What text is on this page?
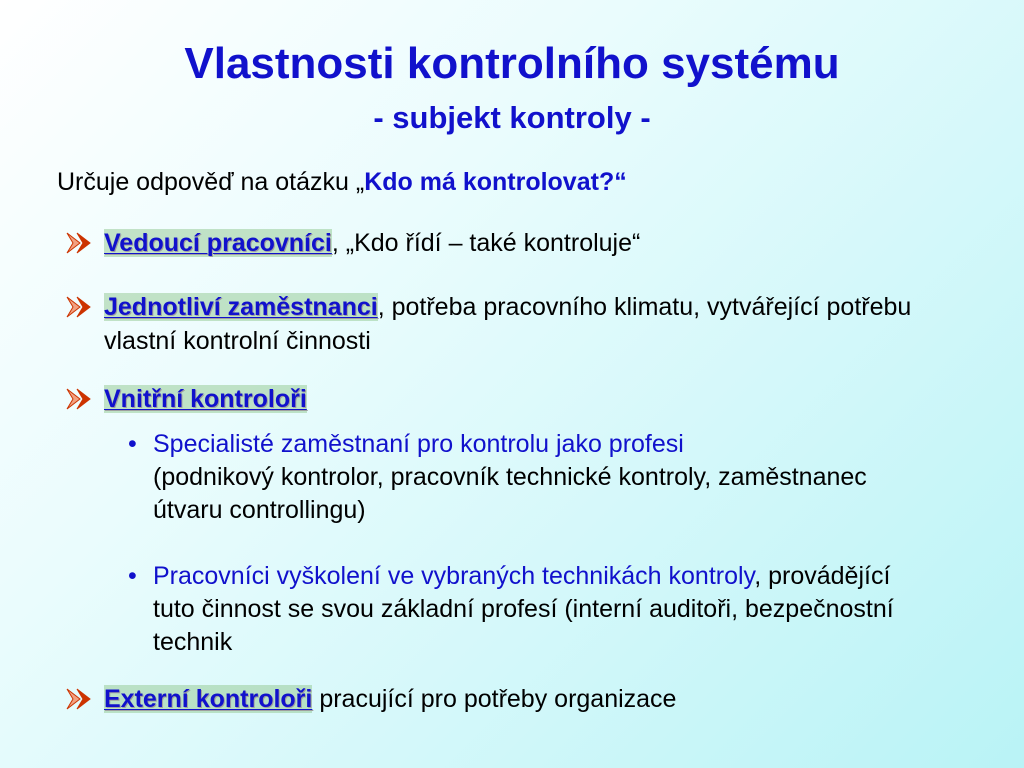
Vlastnosti kontrolního systému
- subjekt kontroly -
Určuje odpověď na otázku „Kdo má kontrolovat?“
Vedoucí pracovníci, „Kdo řídí – také kontroluje“
Jednotliví zaměstnanci, potřeba pracovního klimatu, vytvářející potřebu vlastní kontrolní činnosti
Vnitřní kontroloři
• Specialisté zaměstnaní pro kontrolu jako profesi
(podnikový kontrolor, pracovník technické kontroly, zaměstnanec útvaru controllingu)
• Pracovníci vyškolení ve vybraných technikách kontroly, provádějící tuto činnost se svou základní profesí (interní auditoři, bezpečnostní technik
Externí kontroloři pracující pro potřeby organizace
